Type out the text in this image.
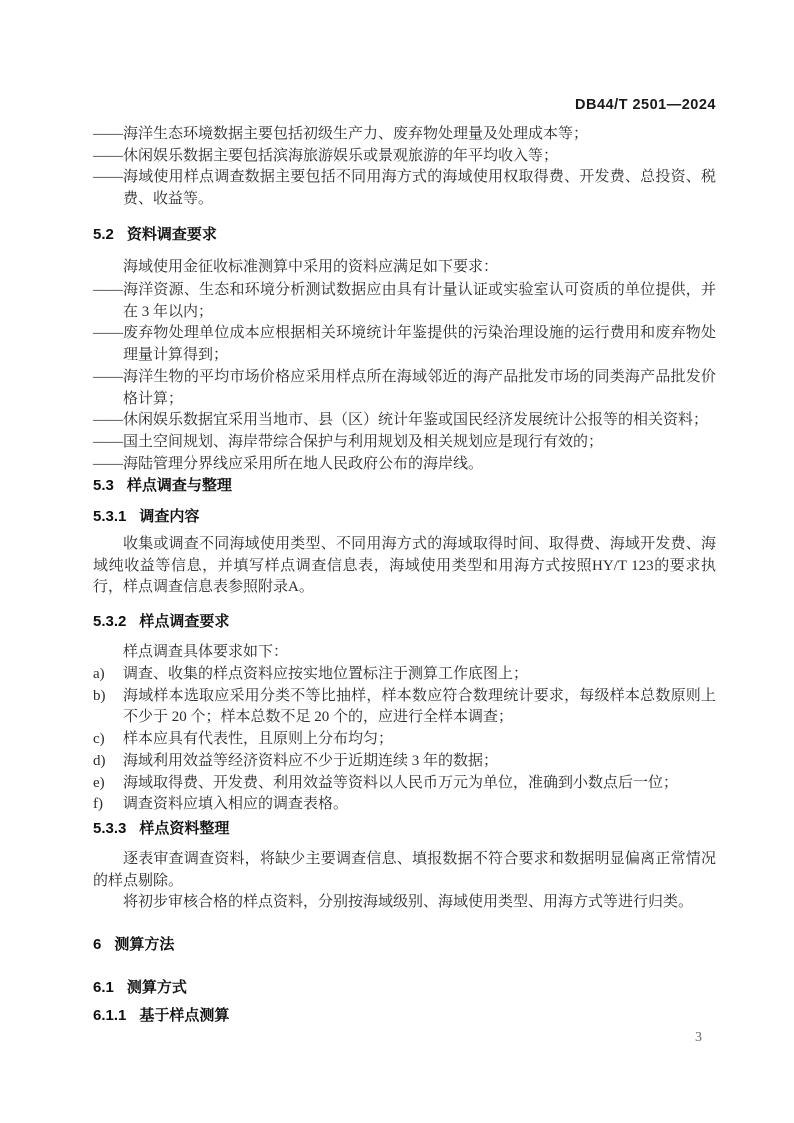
DB44/T 2501—2024
—— 海洋生态环境数据主要包括初级生产力、废弃物处理量及处理成本等；
—— 休闲娱乐数据主要包括滨海旅游娱乐或景观旅游的年平均收入等；
—— 海域使用样点调查数据主要包括不同用海方式的海域使用权取得费、开发费、总投资、税费、收益等。
5.2 资料调查要求
海域使用金征收标准测算中采用的资料应满足如下要求：
—— 海洋资源、生态和环境分析测试数据应由具有计量认证或实验室认可资质的单位提供，并在 3 年以内；
—— 废弃物处理单位成本应根据相关环境统计年鉴提供的污染治理设施的运行费用和废弃物处理量计算得到；
—— 海洋生物的平均市场价格应采用样点所在海域邻近的海产品批发市场的同类海产品批发价格计算；
—— 休闲娱乐数据宜采用当地市、县（区）统计年鉴或国民经济发展统计公报等的相关资料；
—— 国土空间规划、海岸带综合保护与利用规划及相关规划应是现行有效的；
—— 海陆管理分界线应采用所在地人民政府公布的海岸线。
5.3 样点调查与整理
5.3.1 调查内容
收集或调查不同海域使用类型、不同用海方式的海域取得时间、取得费、海域开发费、海域纯收益等信息，并填写样点调查信息表，海域使用类型和用海方式按照HY/T 123的要求执行，样点调查信息表参照附录A。
5.3.2 样点调查要求
样点调查具体要求如下：
a)	调查、收集的样点资料应按实地位置标注于测算工作底图上；
b)	海域样本选取应采用分类不等比抽样，样本数应符合数理统计要求，每级样本总数原则上不少于 20 个；样本总数不足 20 个的，应进行全样本调查；
c)	样本应具有代表性，且原则上分布均匀；
d)	海域利用效益等经济资料应不少于近期连续 3 年的数据；
e)	海域取得费、开发费、利用效益等资料以人民币万元为单位，准确到小数点后一位；
f)	调查资料应填入相应的调查表格。
5.3.3 样点资料整理
逐表审查调查资料，将缺少主要调查信息、填报数据不符合要求和数据明显偏离正常情况的样点剔除。
将初步审核合格的样点资料，分别按海域级别、海域使用类型、用海方式等进行归类。
6 测算方法
6.1 测算方式
6.1.1 基于样点测算
3
